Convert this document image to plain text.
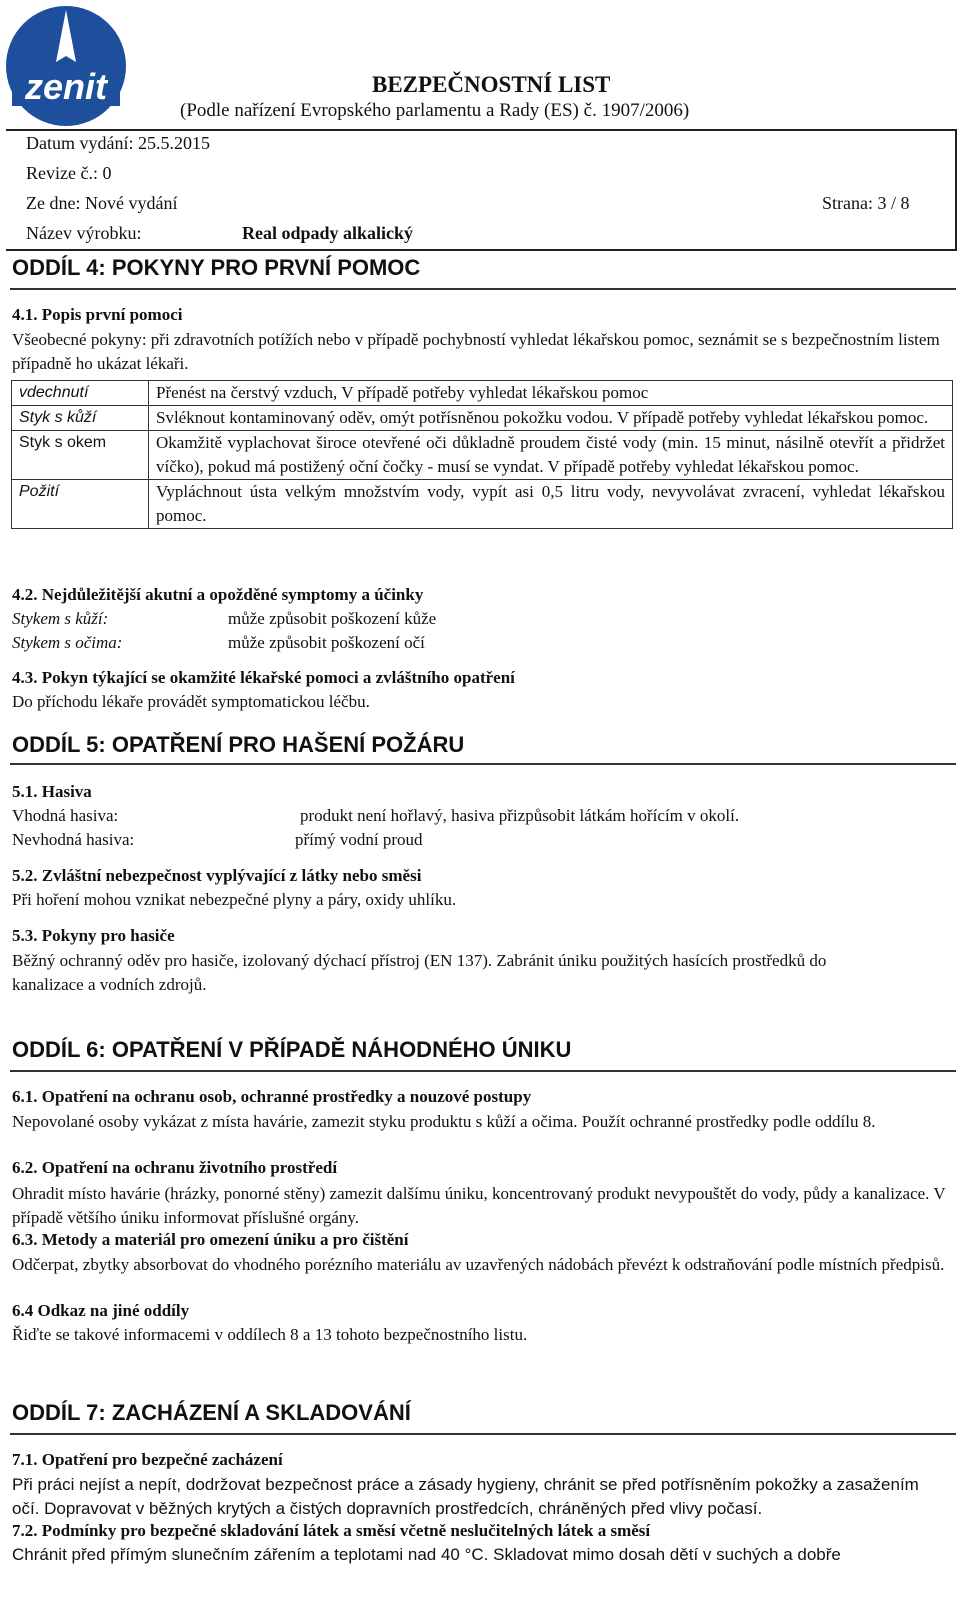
zenit	BEZPEČNOSTNÍ LIST
(Podle nařízení Evropského parlamentu a Rady (ES) č. 1907/2006)
Datum vydání: 25.5.2015
Revize č.: 0
Ze dne: Nové vydání	Strana: 3 / 8
Název výrobku:	Real odpady alkalický
ODDÍL 4: POKYNY PRO PRVNÍ POMOC
4.1. Popis první pomoci
Všeobecné pokyny: při zdravotních potížích nebo v případě pochybností vyhledat lékařskou pomoc, seznámit se s bezpečnostním listem případně ho ukázat lékaři.
vdechnutí	Přenést na čerstvý vzduch, V případě potřeby vyhledat lékařskou pomoc
Styk s kůží	Svléknout kontaminovaný oděv, omýt potřísněnou pokožku vodou. V případě potřeby vyhledat lékařskou pomoc.
Styk s okem	Okamžitě vyplachovat široce otevřené oči důkladně proudem čisté vody (min. 15 minut, násilně otevřít a přidržet víčko), pokud má postižený oční čočky - musí se vyndat. V případě potřeby vyhledat lékařskou pomoc.
Požití	Vypláchnout ústa velkým množstvím vody, vypít asi 0,5 litru vody, nevyvolávat zvracení, vyhledat lékařskou pomoc.
4.2. Nejdůležitější akutní a opožděné symptomy a účinky
Stykem s kůží:	může způsobit poškození kůže
Stykem s očima:	může způsobit poškození očí
4.3. Pokyn týkající se okamžité lékařské pomoci a zvláštního opatření
Do příchodu lékaře provádět symptomatickou léčbu.
ODDÍL 5: OPATŘENÍ PRO HAŠENÍ POŽÁRU
5.1. Hasiva
Vhodná hasiva:	produkt není hořlavý, hasiva přizpůsobit látkám hořícím v okolí.
Nevhodná hasiva:	přímý vodní proud
5.2. Zvláštní nebezpečnost vyplývající z látky nebo směsi
Při hoření mohou vznikat nebezpečné plyny a páry, oxidy uhlíku.
5.3. Pokyny pro hasiče
Běžný ochranný oděv pro hasiče, izolovaný dýchací přístroj (EN 137). Zabránit úniku použitých hasících prostředků do kanalizace a vodních zdrojů.
ODDÍL 6: OPATŘENÍ V PŘÍPADĚ NÁHODNÉHO ÚNIKU
6.1. Opatření na ochranu osob, ochranné prostředky a nouzové postupy
Nepovolané osoby vykázat z místa havárie, zamezit styku produktu s kůží a očima. Použít ochranné prostředky podle oddílu 8.
6.2. Opatření na ochranu životního prostředí
Ohradit místo havárie (hrázky, ponorné stěny) zamezit dalšímu úniku, koncentrovaný produkt nevypouštět do vody, půdy a kanalizace. V případě většího úniku informovat příslušné orgány.
6.3. Metody a materiál pro omezení úniku a pro čištění
Odčerpat, zbytky absorbovat do vhodného porézního materiálu av uzavřených nádobách převézt k odstraňování podle místních předpisů.
6.4 Odkaz na jiné oddíly
Řiďte se takové informacemi v oddílech 8 a 13 tohoto bezpečnostního listu.
ODDÍL 7: ZACHÁZENÍ A SKLADOVÁNÍ
7.1. Opatření pro bezpečné zacházení
Při práci nejíst a nepít, dodržovat bezpečnost práce a zásady hygieny, chránit se před potřísněním pokožky a zasažením očí. Dopravovat v běžných krytých a čistých dopravních prostředcích, chráněných před vlivy počasí.
7.2. Podmínky pro bezpečné skladování látek a směsí včetně neslučitelných látek a směsí
Chránit před přímým slunečním zářením a teplotami nad 40 °C. Skladovat mimo dosah dětí v suchých a dobře
